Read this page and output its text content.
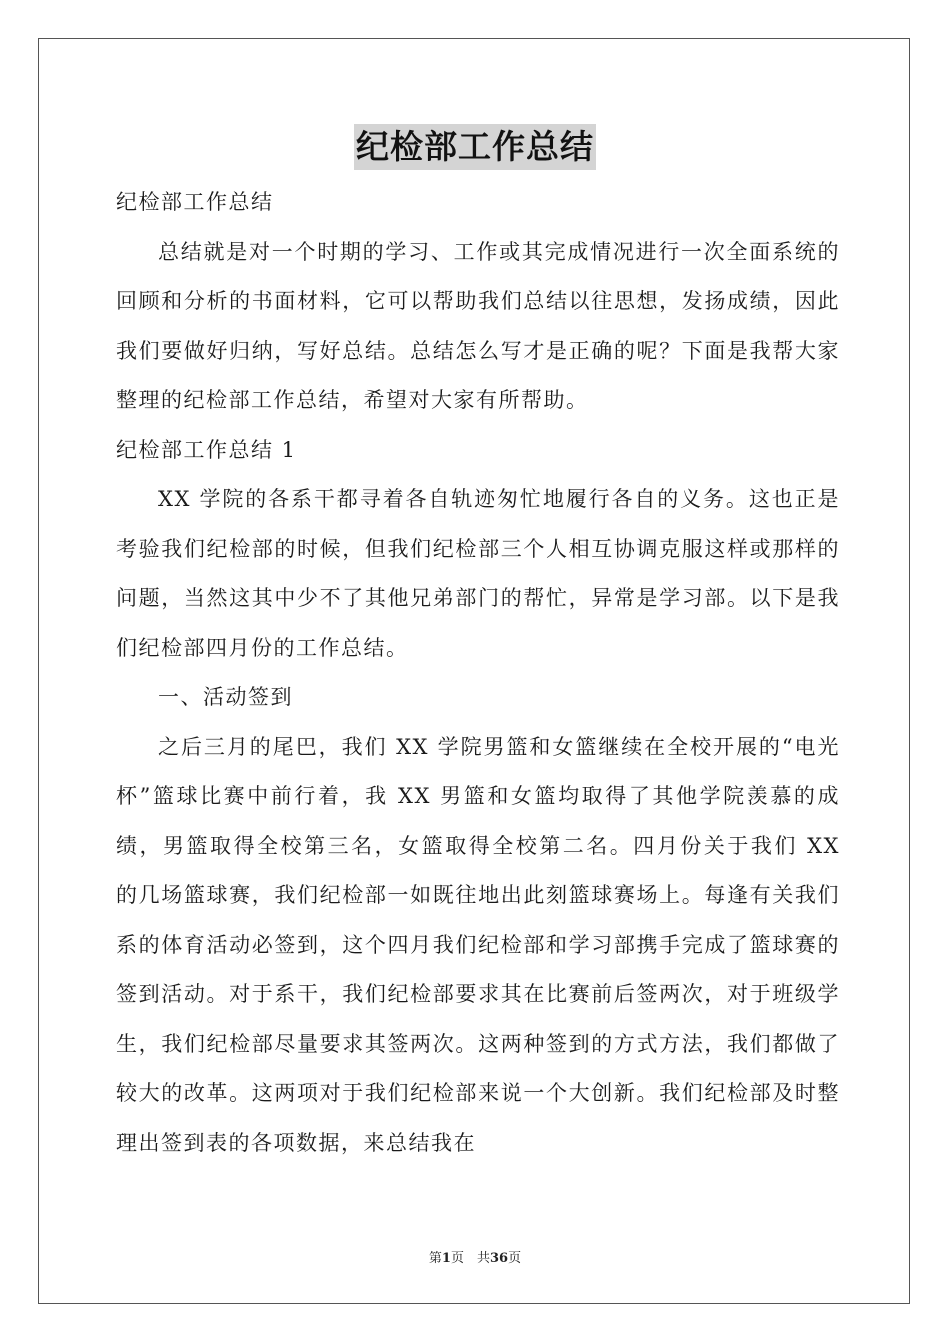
纪检部工作总结

纪检部工作总结

总结就是对一个时期的学习、工作或其完成情况进行一次全面系统的回顾和分析的书面材料，它可以帮助我们总结以往思想，发扬成绩，因此我们要做好归纳，写好总结。总结怎么写才是正确的呢？下面是我帮大家整理的纪检部工作总结，希望对大家有所帮助。

纪检部工作总结 1

XX 学院的各系干都寻着各自轨迹匆忙地履行各自的义务。这也正是考验我们纪检部的时候，但我们纪检部三个人相互协调克服这样或那样的问题，当然这其中少不了其他兄弟部门的帮忙，异常是学习部。以下是我们纪检部四月份的工作总结。

一、活动签到

之后三月的尾巴，我们 XX 学院男篮和女篮继续在全校开展的“电光杯”篮球比赛中前行着，我 XX 男篮和女篮均取得了其他学院羡慕的成绩，男篮取得全校第三名，女篮取得全校第二名。四月份关于我们 XX 的几场篮球赛，我们纪检部一如既往地出此刻篮球赛场上。每逢有关我们系的体育活动必签到，这个四月我们纪检部和学习部携手完成了篮球赛的签到活动。对于系干，我们纪检部要求其在比赛前后签两次，对于班级学生，我们纪检部尽量要求其签两次。这两种签到的方式方法，我们都做了较大的改革。这两项对于我们纪检部来说一个大创新。我们纪检部及时整理出签到表的各项数据，来总结我在

第1页　共36页
